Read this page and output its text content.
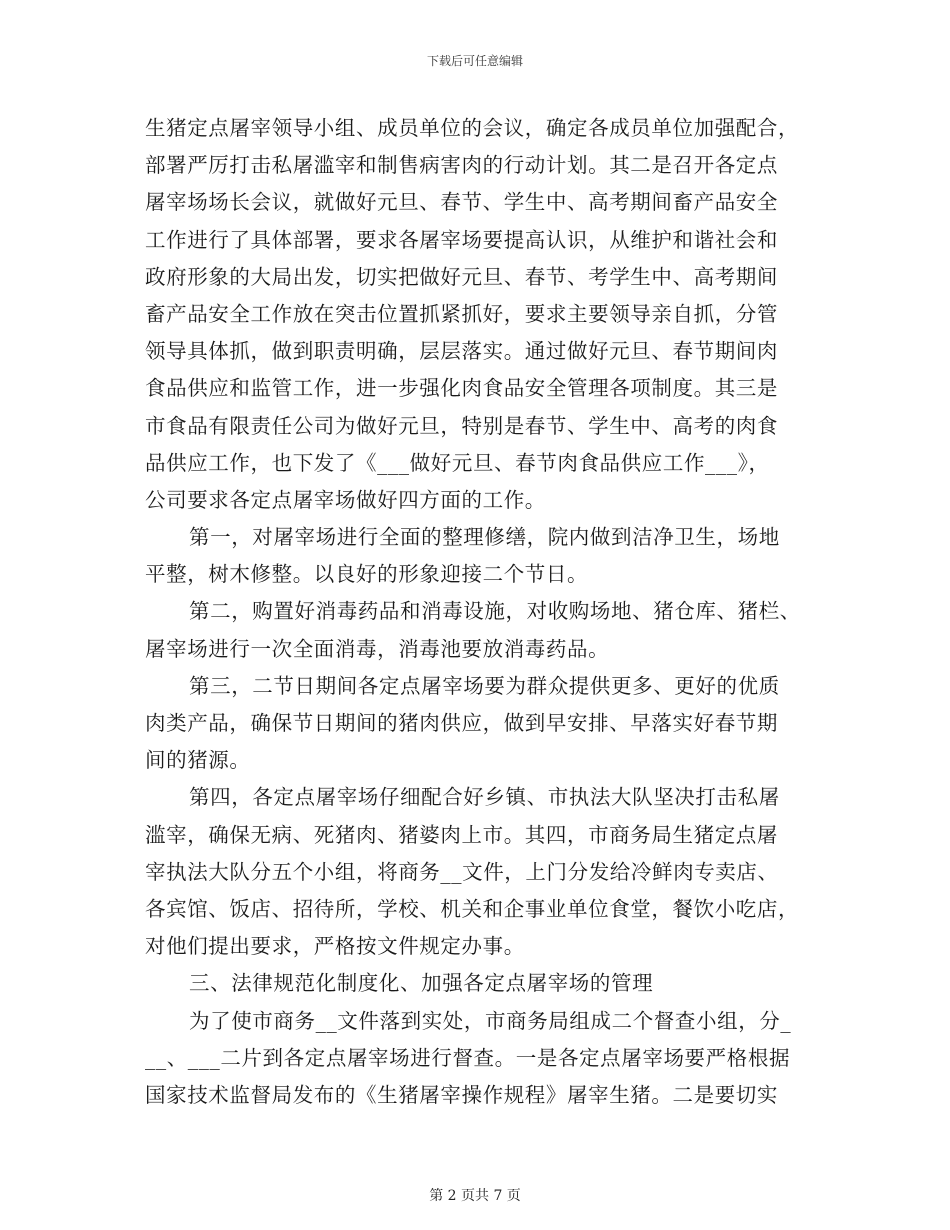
下载后可任意编辑
生猪定点屠宰领导小组、成员单位的会议，确定各成员单位加强配合，
部署严厉打击私屠滥宰和制售病害肉的行动计划。其二是召开各定点
屠宰场场长会议，就做好元旦、春节、学生中、高考期间畜产品安全
工作进行了具体部署，要求各屠宰场要提高认识，从维护和谐社会和
政府形象的大局出发，切实把做好元旦、春节、考学生中、高考期间
畜产品安全工作放在突击位置抓紧抓好，要求主要领导亲自抓，分管
领导具体抓，做到职责明确，层层落实。通过做好元旦、春节期间肉
食品供应和监管工作，进一步强化肉食品安全管理各项制度。其三是
市食品有限责任公司为做好元旦，特别是春节、学生中、高考的肉食
品供应工作，也下发了《___做好元旦、春节肉食品供应工作___》，
公司要求各定点屠宰场做好四方面的工作。
第一，对屠宰场进行全面的整理修缮，院内做到洁净卫生，场地
平整，树木修整。以良好的形象迎接二个节日。
第二，购置好消毒药品和消毒设施，对收购场地、猪仓库、猪栏、
屠宰场进行一次全面消毒，消毒池要放消毒药品。
第三，二节日期间各定点屠宰场要为群众提供更多、更好的优质
肉类产品，确保节日期间的猪肉供应，做到早安排、早落实好春节期
间的猪源。
第四，各定点屠宰场仔细配合好乡镇、市执法大队坚决打击私屠
滥宰，确保无病、死猪肉、猪婆肉上市。其四，市商务局生猪定点屠
宰执法大队分五个小组，将商务__文件，上门分发给冷鲜肉专卖店、
各宾馆、饭店、招待所，学校、机关和企事业单位食堂，餐饮小吃店，
对他们提出要求，严格按文件规定办事。
三、法律规范化制度化、加强各定点屠宰场的管理
为了使市商务__文件落到实处，市商务局组成二个督查小组，分_
__、___二片到各定点屠宰场进行督查。一是各定点屠宰场要严格根据
国家技术监督局发布的《生猪屠宰操作规程》屠宰生猪。二是要切实
第 2 页共 7 页
